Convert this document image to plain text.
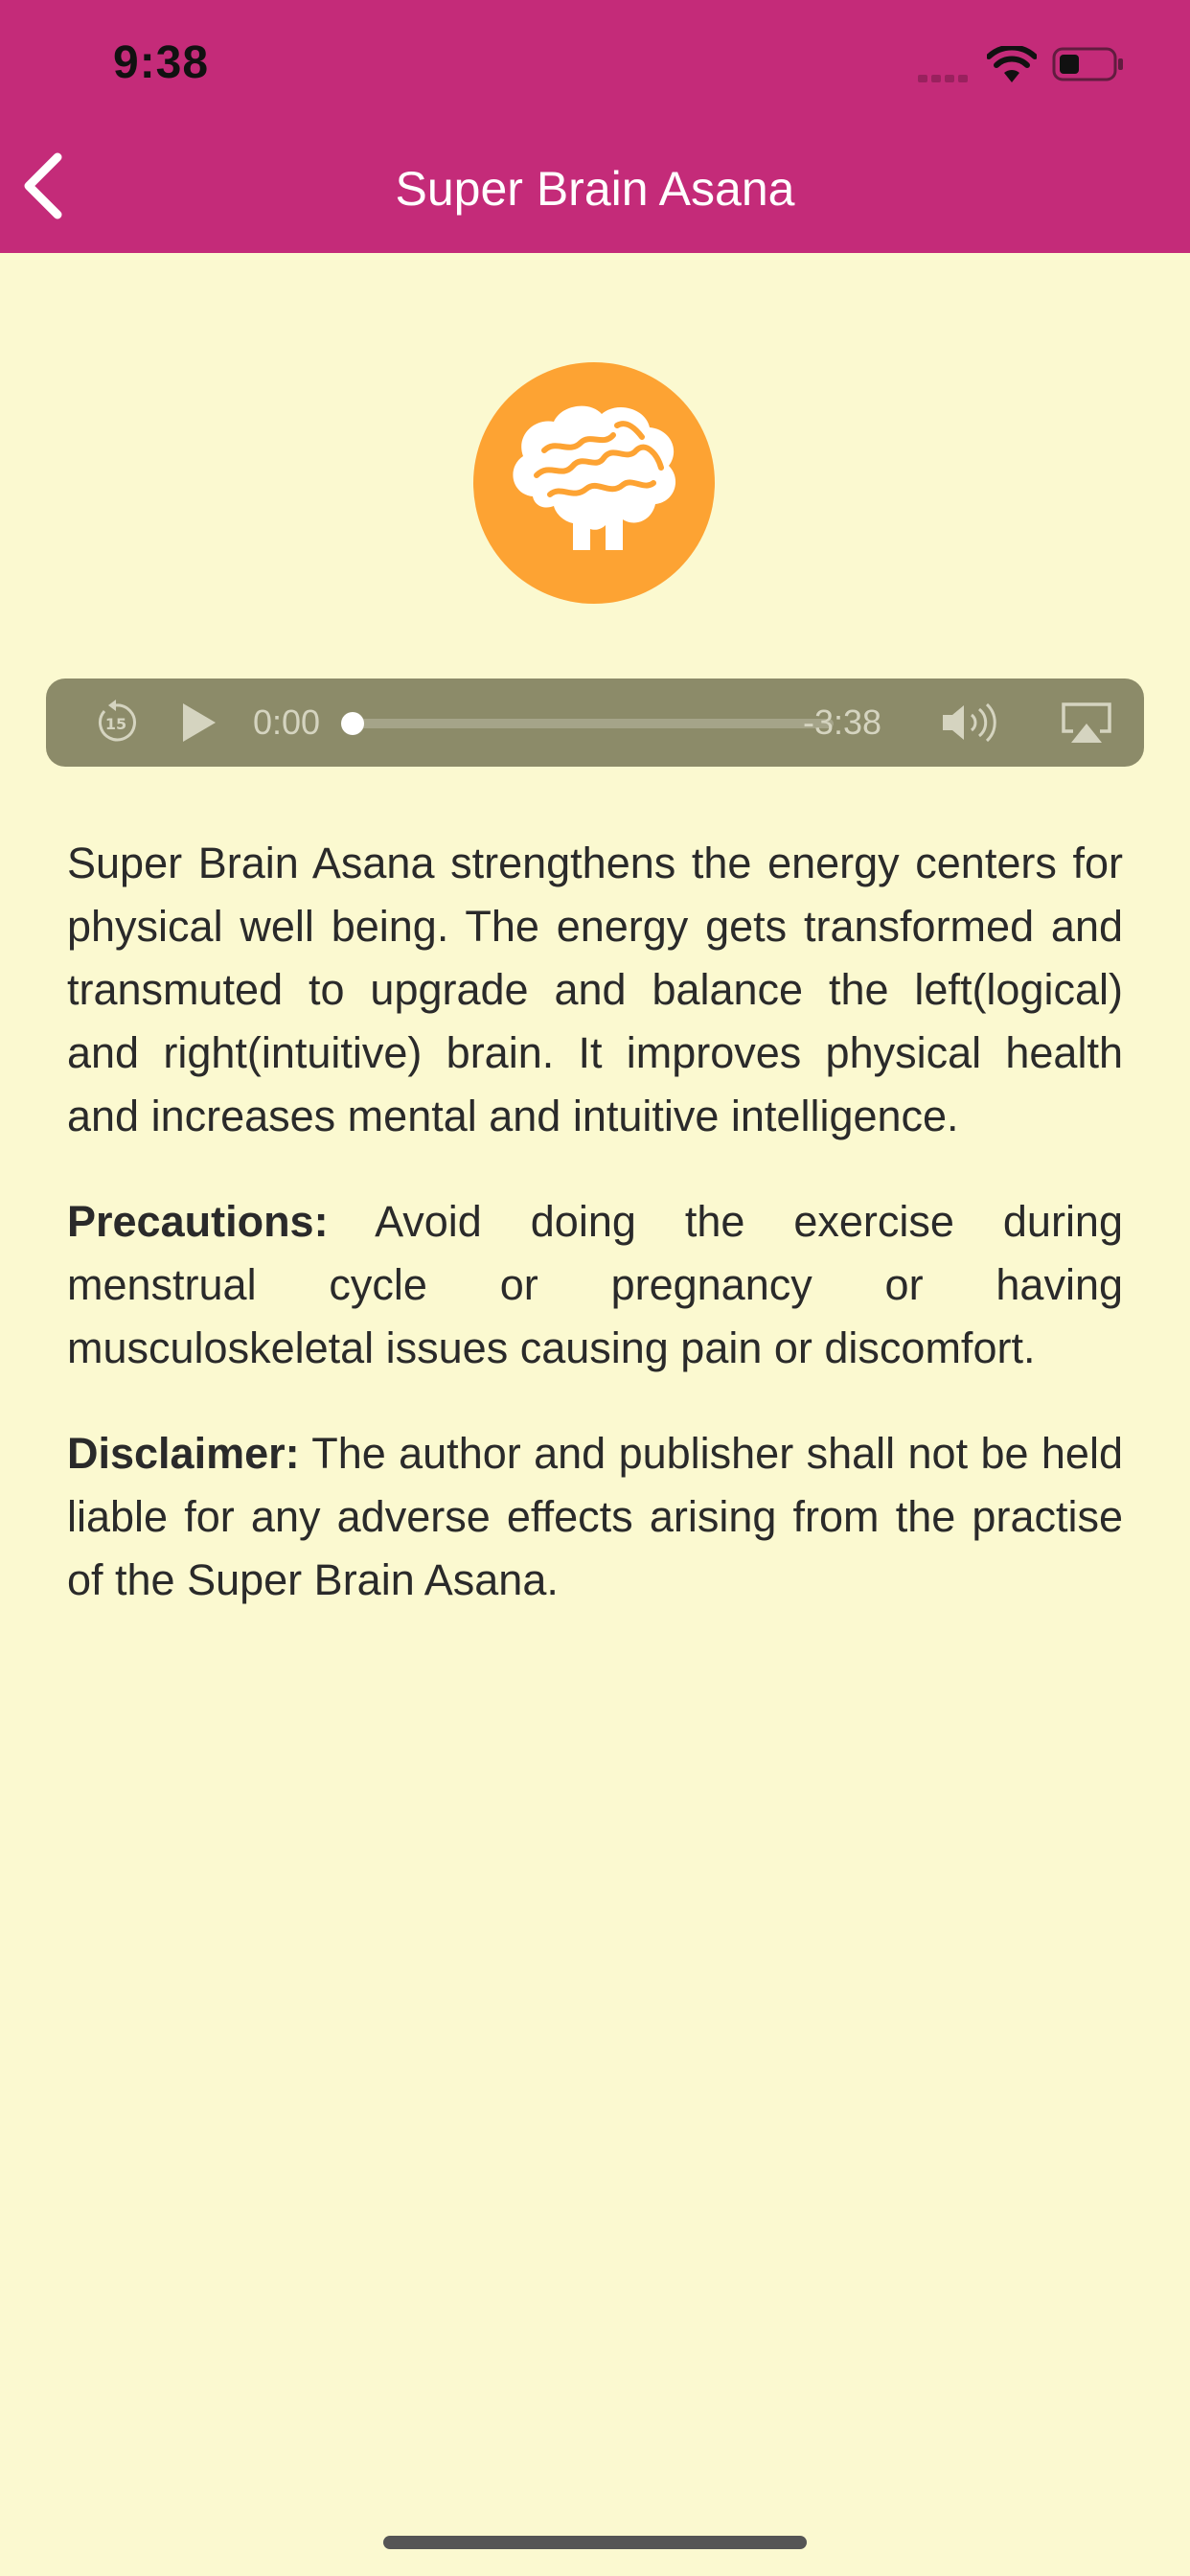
9:38
Super Brain Asana
15	0:00	-3:38

Super Brain Asana strengthens the energy centers for physical well being. The energy gets transformed and transmuted to upgrade and balance the left(logical) and right(intuitive) brain. It improves physical health and increases mental and intuitive intelligence.

Precautions: Avoid doing the exercise during menstrual cycle or pregnancy or having musculoskeletal issues causing pain or discomfort.

Disclaimer: The author and publisher shall not be held liable for any adverse effects arising from the practise of the Super Brain Asana.
